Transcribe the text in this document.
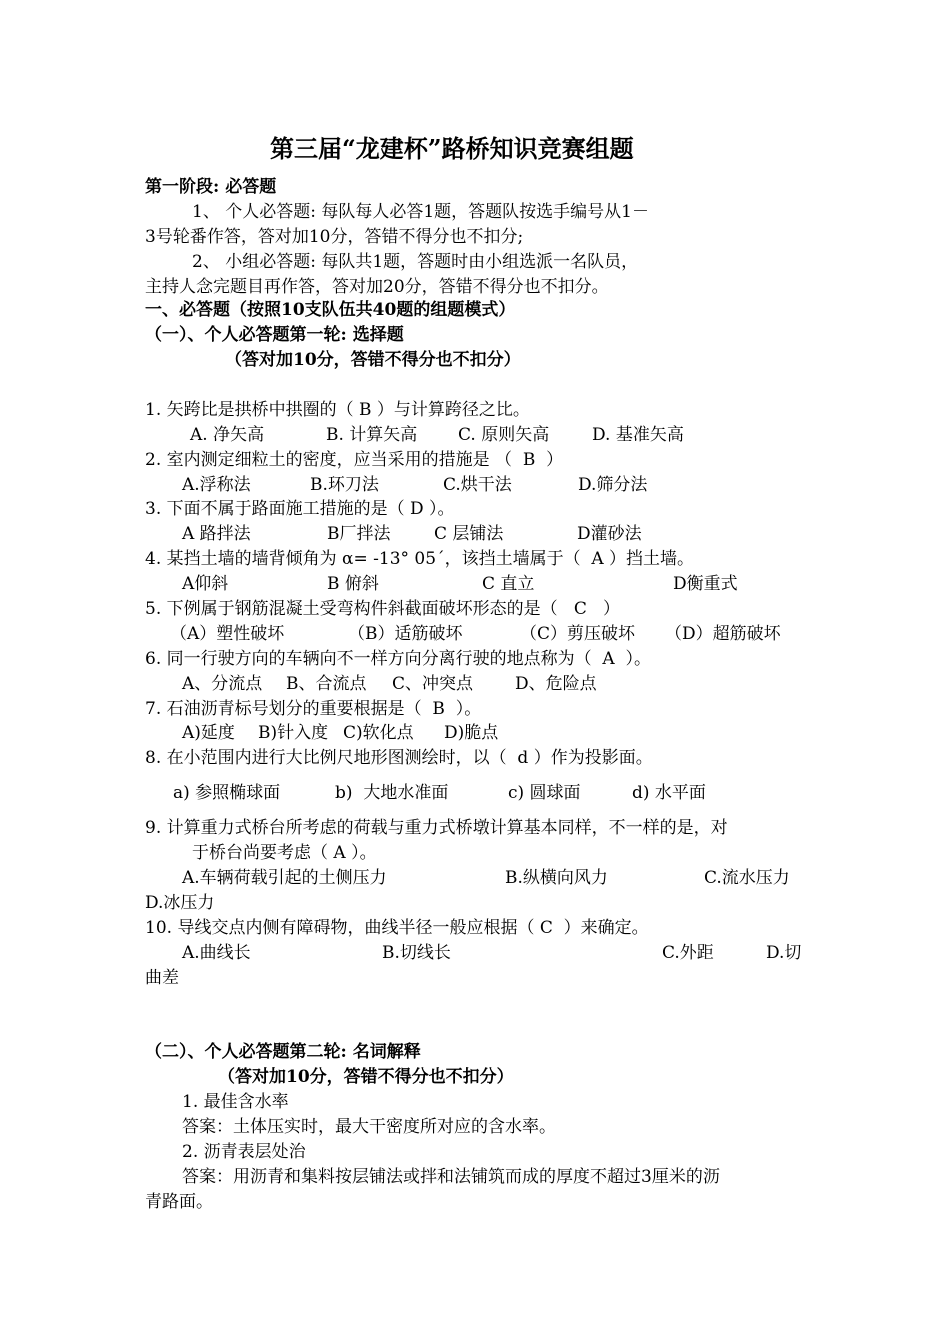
第三届“龙建杯”路桥知识竞赛组题
第一阶段: 必答题
1、 个人必答题: 每队每人必答1题，答题队按选手编号从1－
3号轮番作答，答对加10分，答错不得分也不扣分;
2、 小组必答题: 每队共1题，答题时由小组选派一名队员，
主持人念完题目再作答，答对加20分，答错不得分也不扣分。
一、必答题（按照10支队伍共40题的组题模式）
（一）、个人必答题第一轮: 选择题
（答对加10分，答错不得分也不扣分）
1. 矢跨比是拱桥中拱圈的（ B ）与计算跨径之比。
A. 净矢高	B. 计算矢高 C. 原则矢高	D. 基准矢高
2. 室内测定细粒土的密度，应当采用的措施是 （  B  ）
A.浮称法	B.环刀法	C.烘干法	D.筛分法
3. 下面不属于路面施工措施的是（ D ）。
A 路拌法	B厂拌法	C 层铺法	D灌砂法
4. 某挡土墙的墙背倾角为 α= -13° 05´，该挡土墙属于（  A ）挡土墙。
A仰斜	B 俯斜	C 直立	D衡重式
5. 下例属于钢筋混凝土受弯构件斜截面破坏形态的是（   C   ）
（A）塑性破坏	（B）适筋破坏	（C）剪压破坏 （D）超筋破坏
6. 同一行驶方向的车辆向不一样方向分离行驶的地点称为（  A  ）。
A、分流点 B、合流点 C、冲突点 D、危险点
7. 石油沥青标号划分的重要根据是（  B  ）。
A)延度 B)针入度 C)软化点 D)脆点
8. 在小范围内进行大比例尺地形图测绘时，以（  d ）作为投影面。
a) 参照椭球面	b)  大地水准面	c) 圆球面	d) 水平面
9. 计算重力式桥台所考虑的荷载与重力式桥墩计算基本同样，不一样的是，对
于桥台尚要考虑（ A ）。
A.车辆荷载引起的土侧压力	B.纵横向风力	C.流水压力
D.冰压力
10. 导线交点内侧有障碍物，曲线半径一般应根据（ C  ）来确定。
A.曲线长	B.切线长	C.外距	D.切
曲差
（二）、个人必答题第二轮: 名词解释
（答对加10分，答错不得分也不扣分）
1. 最佳含水率
答案：土体压实时，最大干密度所对应的含水率。
2. 沥青表层处治
答案：用沥青和集料按层铺法或拌和法铺筑而成的厚度不超过3厘米的沥
青路面。
